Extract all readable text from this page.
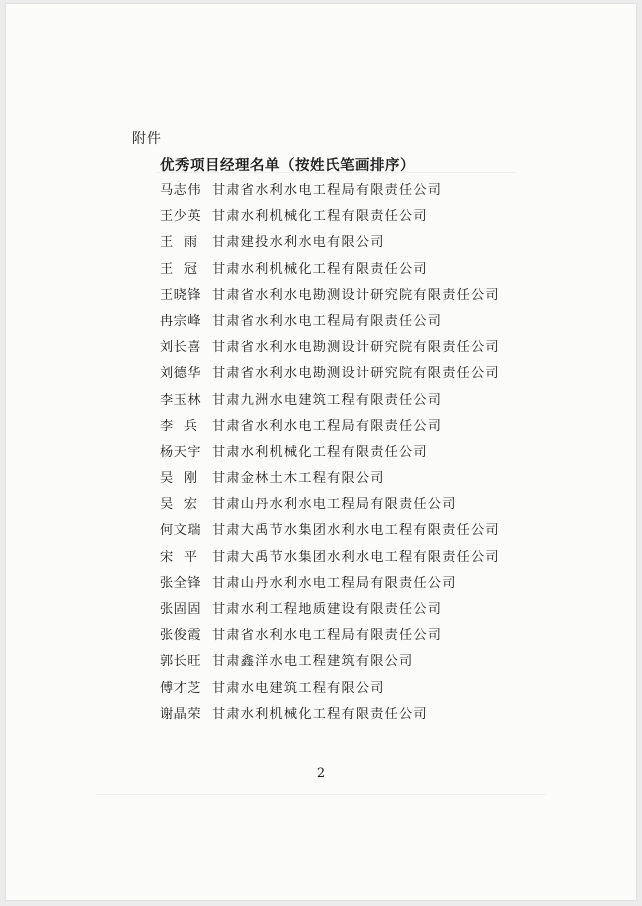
附件
优秀项目经理名单（按姓氏笔画排序）
马志伟 甘肃省水利水电工程局有限责任公司
王少英 甘肃水利机械化工程有限责任公司
王 雨 甘肃建投水利水电有限公司
王 冠 甘肃水利机械化工程有限责任公司
王晓锋 甘肃省水利水电勘测设计研究院有限责任公司
冉宗峰 甘肃省水利水电工程局有限责任公司
刘长喜 甘肃省水利水电勘测设计研究院有限责任公司
刘德华 甘肃省水利水电勘测设计研究院有限责任公司
李玉林 甘肃九洲水电建筑工程有限责任公司
李 兵 甘肃省水利水电工程局有限责任公司
杨天宇 甘肃水利机械化工程有限责任公司
吴 刚 甘肃金林土木工程有限公司
吴 宏 甘肃山丹水利水电工程局有限责任公司
何文瑞 甘肃大禹节水集团水利水电工程有限责任公司
宋 平 甘肃大禹节水集团水利水电工程有限责任公司
张全锋 甘肃山丹水利水电工程局有限责任公司
张固固 甘肃水利工程地质建设有限责任公司
张俊霞 甘肃省水利水电工程局有限责任公司
郭长旺 甘肃鑫洋水电工程建筑有限公司
傅才芝 甘肃水电建筑工程有限公司
谢晶荣 甘肃水利机械化工程有限责任公司
2
